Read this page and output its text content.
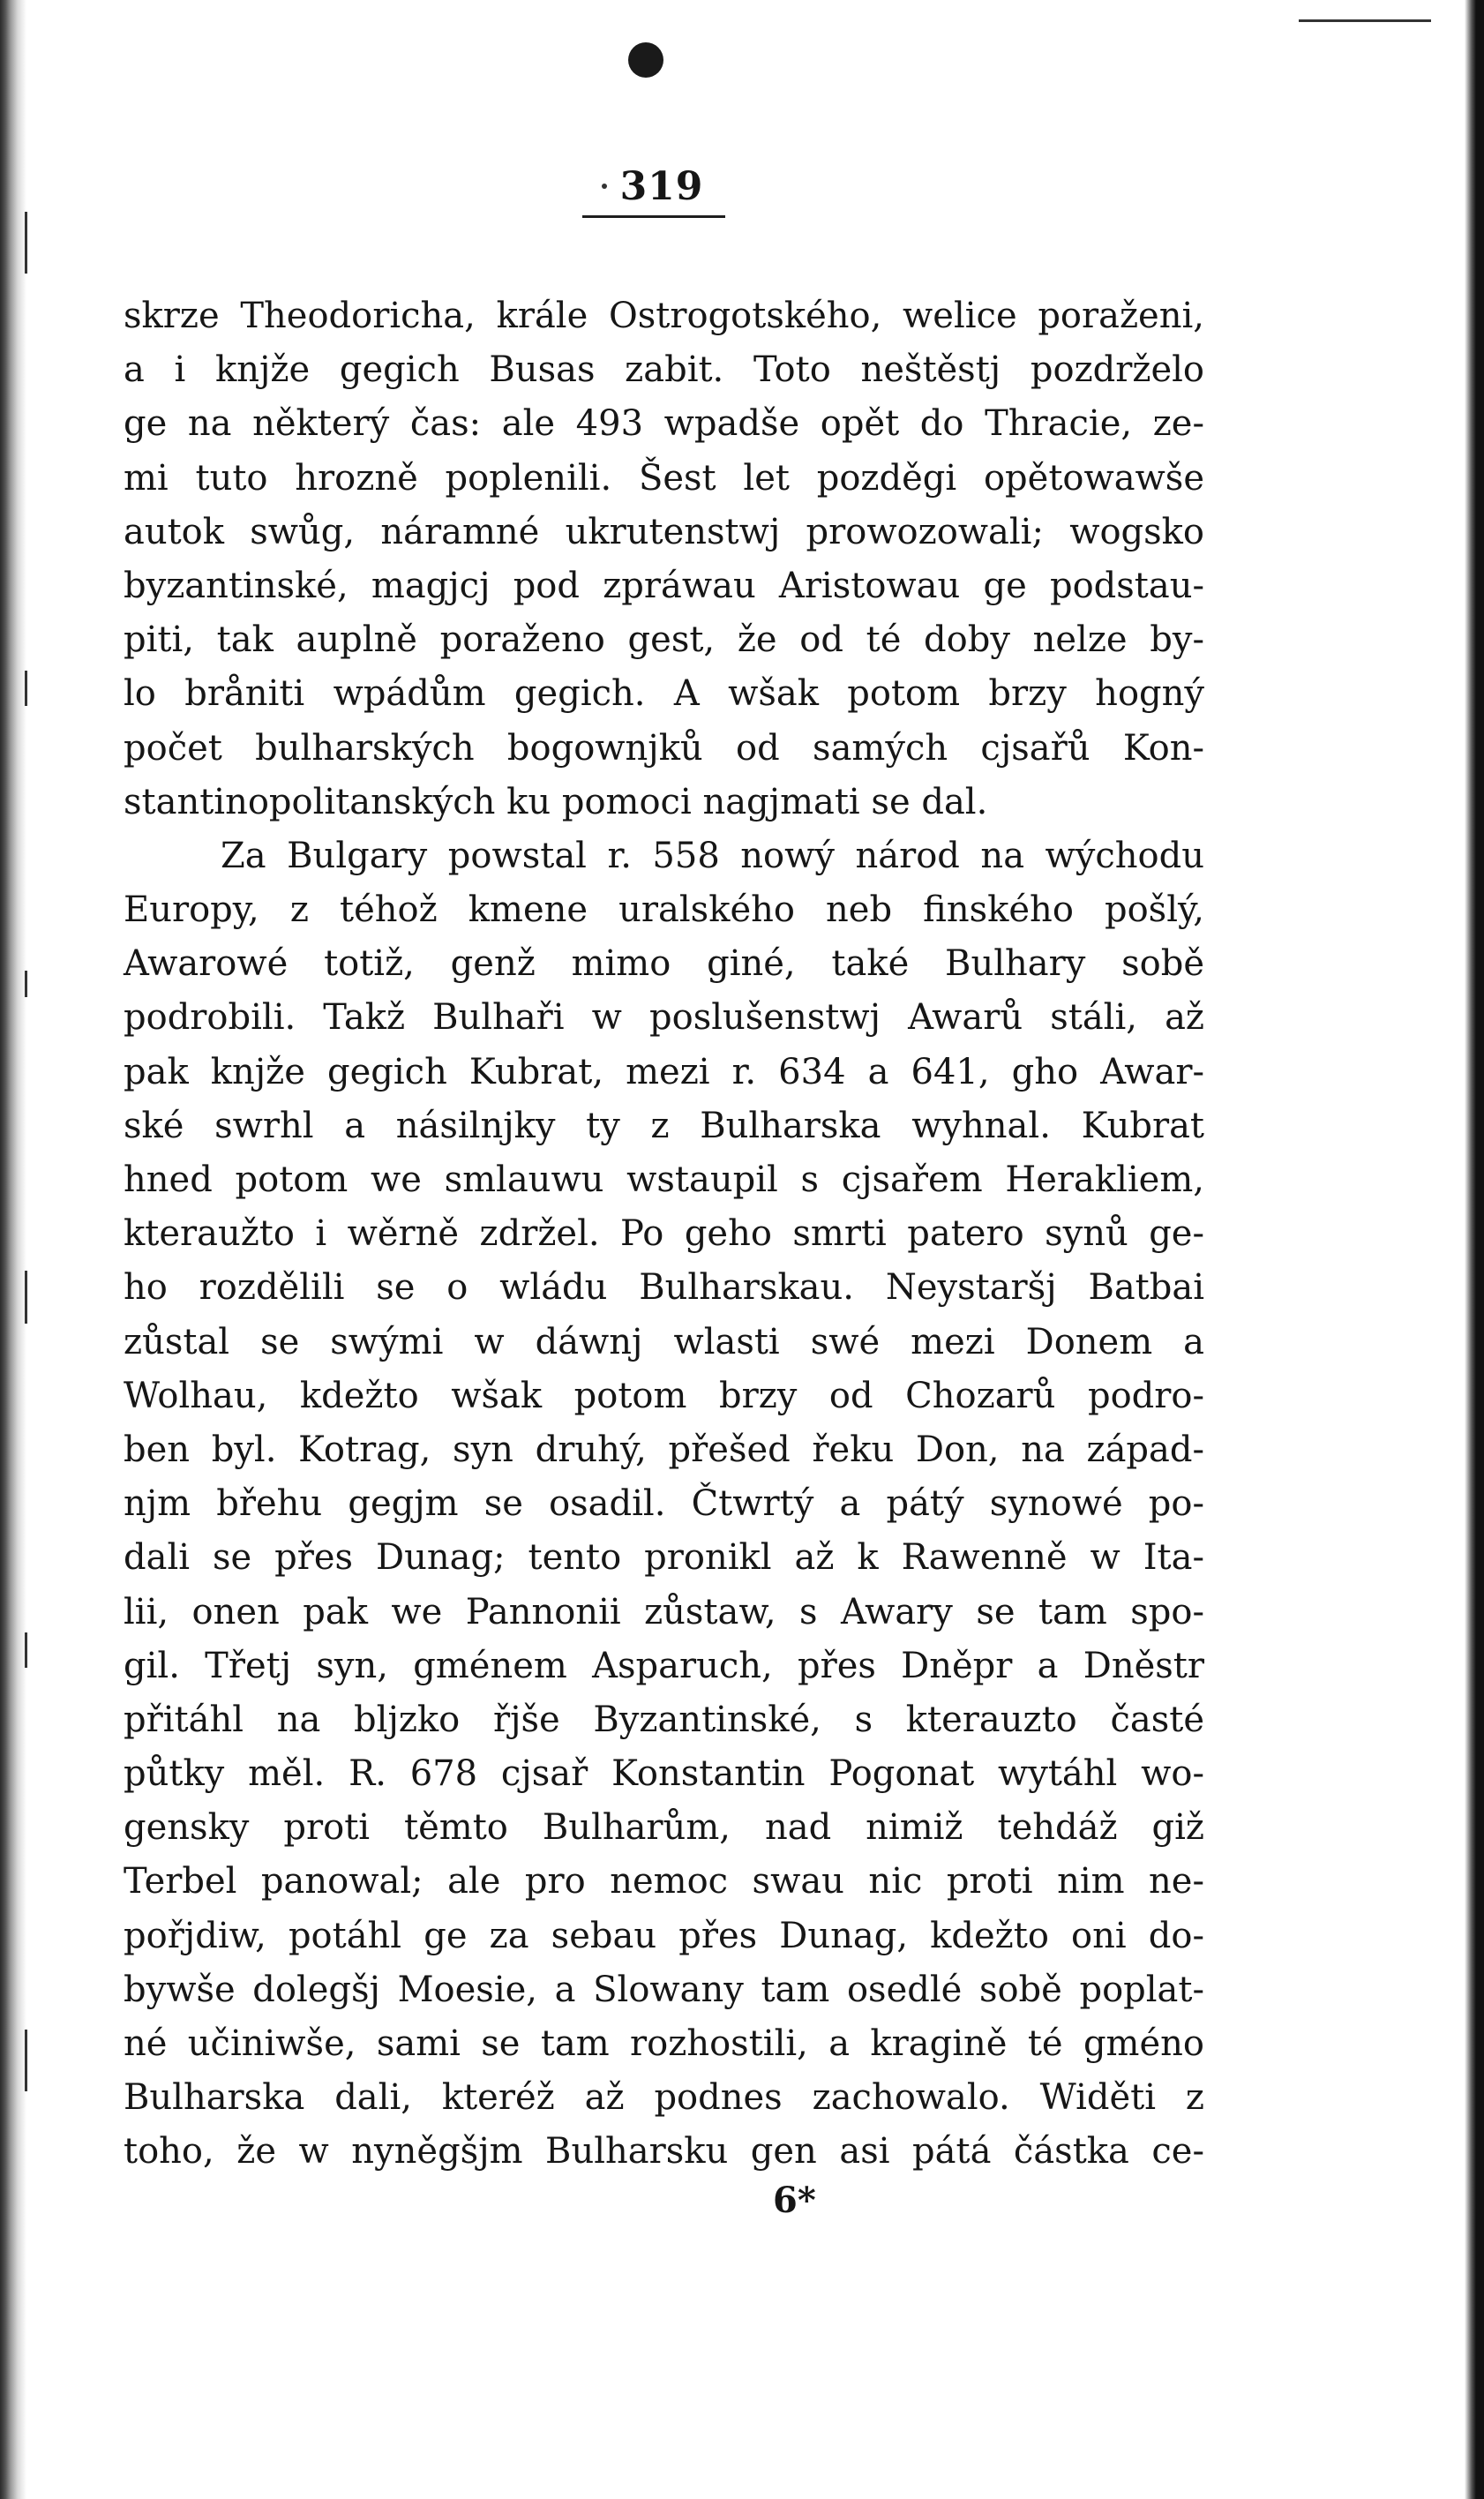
319
skrze Theodoricha, krále Ostrogotského, welice poraženi,
a i knjže gegich Busas zabit. Toto neštěstj pozdrželo
ge na některý čas: ale 493 wpadše opět do Thracie, ze-
mi tuto hrozně poplenili. Šest let pozděgi opětowawše
autok swůg, náramné ukrutenstwj prowozowali; wogsko
byzantinské, magjcj pod zpráwau Aristowau ge podstau-
piti, tak auplně poraženo gest, že od té doby nelze by-
lo bråniti wpádům gegich. A wšak potom brzy hogný
počet bulharských bogownjků od samých cjsařů Kon-
stantinopolitanských ku pomoci nagjmati se dal.
Za Bulgary powstal r. 558 nowý národ na wýchodu
Europy, z téhož kmene uralského neb finského pošlý,
Awarowé totiž, genž mimo giné, také Bulhary sobě
podrobili. Takž Bulhaři w poslušenstwj Awarů stáli, až
pak knjže gegich Kubrat, mezi r. 634 a 641, gho Awar-
ské swrhl a násilnjky ty z Bulharska wyhnal. Kubrat
hned potom we smlauwu wstaupil s cjsařem Herakliem,
kteraužto i wěrně zdržel. Po geho smrti patero synů ge-
ho rozdělili se o wládu Bulharskau. Neystaršj Batbai
zůstal se swými w dáwnj wlasti swé mezi Donem a
Wolhau, kdežto wšak potom brzy od Chozarů podro-
ben byl. Kotrag, syn druhý, přešed řeku Don, na západ-
njm břehu gegjm se osadil. Čtwrtý a pátý synowé po-
dali se přes Dunag; tento pronikl až k Rawenně w Ita-
lii, onen pak we Pannonii zůstaw, s Awary se tam spo-
gil. Třetj syn, gménem Asparuch, přes Dněpr a Dněstr
přitáhl na bljzko řjše Byzantinské, s kterauzto časté
půtky měl. R. 678 cjsař Konstantin Pogonat wytáhl wo-
gensky proti těmto Bulharům, nad nimiž tehdáž giž
Terbel panowal; ale pro nemoc swau nic proti nim ne-
pořjdiw, potáhl ge za sebau přes Dunag, kdežto oni do-
bywše dolegšj Moesie, a Slowany tam osedlé sobě poplat-
né učiniwše, sami se tam rozhostili, a kragině té gméno
Bulharska dali, kteréž až podnes zachowalo. Widěti z
toho, že w nyněgšjm Bulharsku gen asi pátá částka ce-
6*
